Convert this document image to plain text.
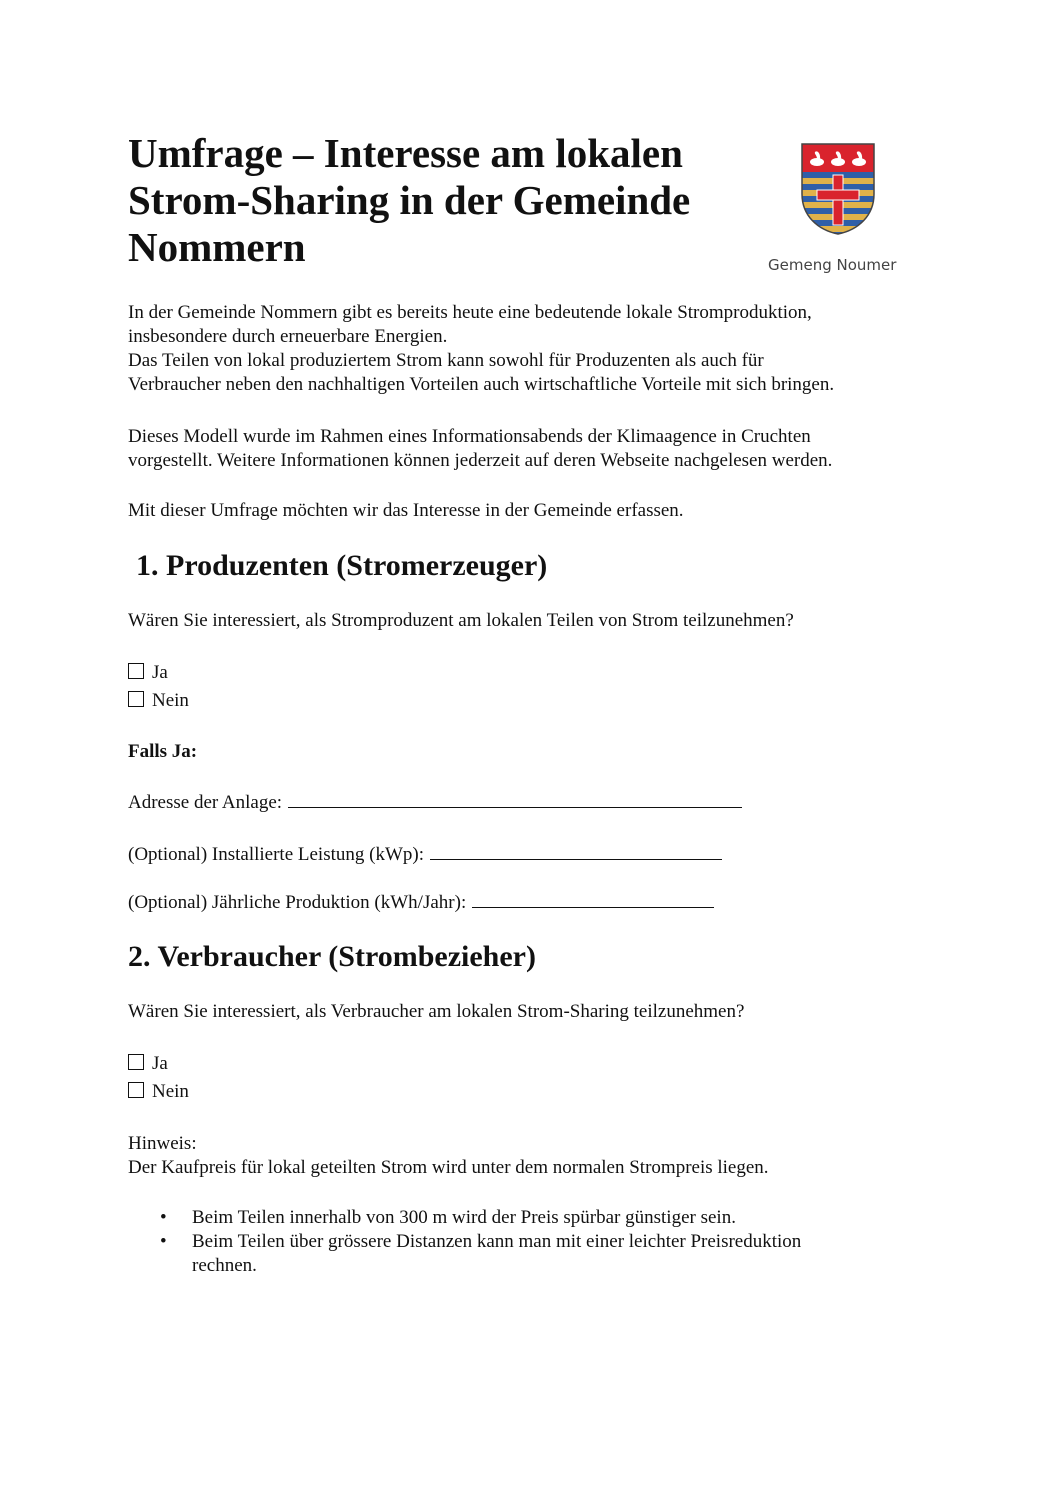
Umfrage – Interesse am lokalen
Strom-Sharing in der Gemeinde
Nommern	Gemeng Noumer
In der Gemeinde Nommern gibt es bereits heute eine bedeutende lokale Stromproduktion,
insbesondere durch erneuerbare Energien.
Das Teilen von lokal produziertem Strom kann sowohl für Produzenten als auch für
Verbraucher neben den nachhaltigen Vorteilen auch wirtschaftliche Vorteile mit sich bringen.
Dieses Modell wurde im Rahmen eines Informationsabends der Klimaagence in Cruchten
vorgestellt. Weitere Informationen können jederzeit auf deren Webseite nachgelesen werden.
Mit dieser Umfrage möchten wir das Interesse in der Gemeinde erfassen.
1. Produzenten (Stromerzeuger)
Wären Sie interessiert, als Stromproduzent am lokalen Teilen von Strom teilzunehmen?
Ja
Nein
Falls Ja:
Adresse der Anlage:
(Optional) Installierte Leistung (kWp):
(Optional) Jährliche Produktion (kWh/Jahr):
2. Verbraucher (Strombezieher)
Wären Sie interessiert, als Verbraucher am lokalen Strom-Sharing teilzunehmen?
Ja
Nein
Hinweis:
Der Kaufpreis für lokal geteilten Strom wird unter dem normalen Strompreis liegen.
• Beim Teilen innerhalb von 300 m wird der Preis spürbar günstiger sein.
• Beim Teilen über grössere Distanzen kann man mit einer leichter Preisreduktion
rechnen.
